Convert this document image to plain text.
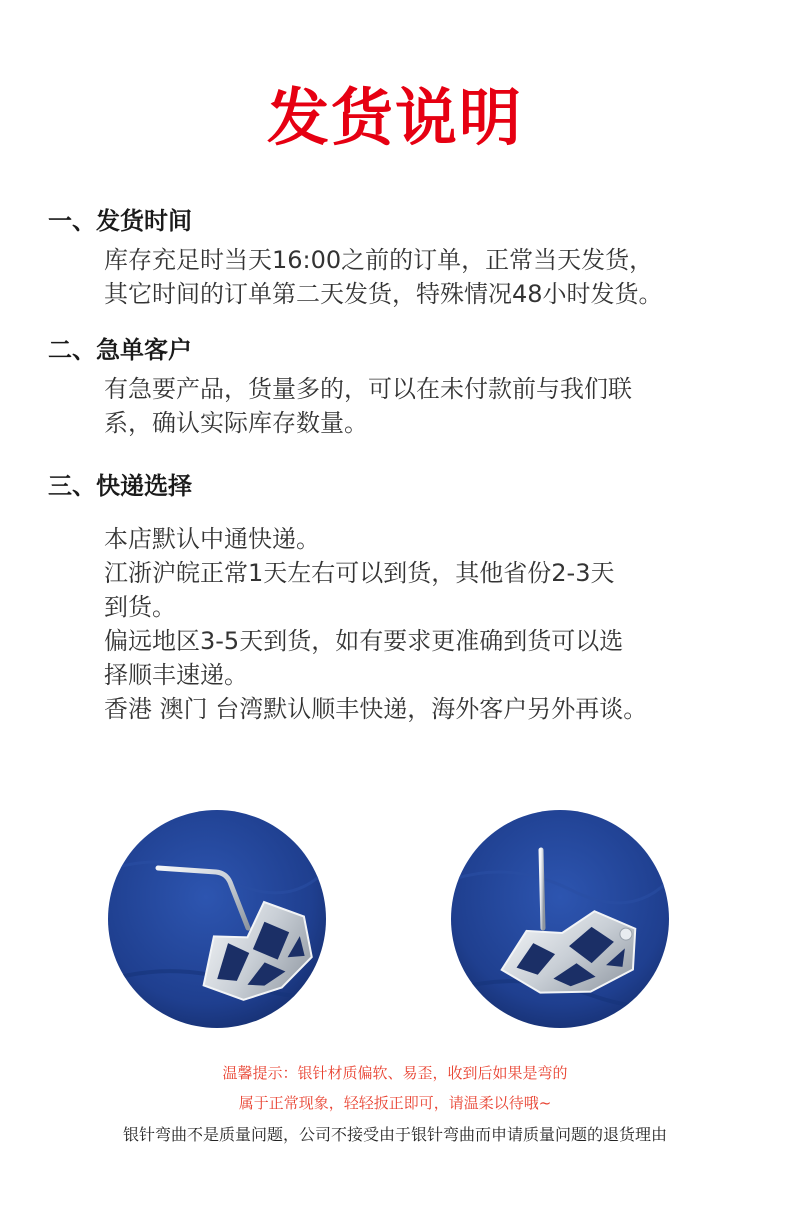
发货说明
一、发货时间
库存充足时当天16:00之前的订单，正常当天发货，
其它时间的订单第二天发货，特殊情况48小时发货。
二、急单客户
有急要产品，货量多的，可以在未付款前与我们联
系，确认实际库存数量。
三、快递选择
本店默认中通快递。
江浙沪皖正常1天左右可以到货，其他省份2-3天
到货。
偏远地区3-5天到货，如有要求更准确到货可以选
择顺丰速递。
香港 澳门 台湾默认顺丰快递，海外客户另外再谈。
温馨提示：银针材质偏软、易歪，收到后如果是弯的
属于正常现象，轻轻扳正即可，请温柔以待哦~
银针弯曲不是质量问题，公司不接受由于银针弯曲而申请质量问题的退货理由
